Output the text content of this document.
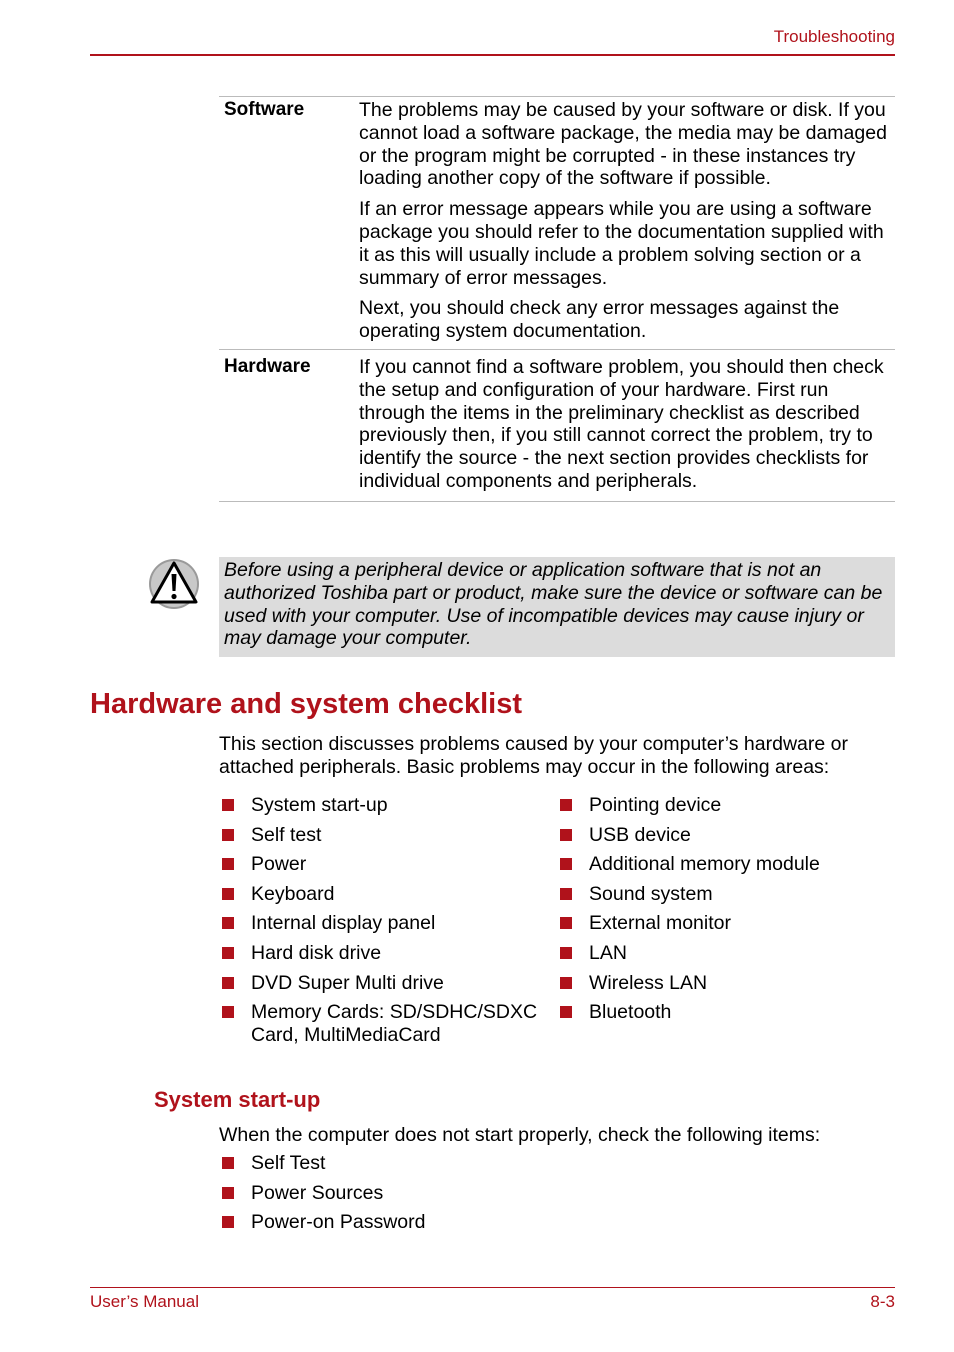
Troubleshooting
Software	The problems may be caused by your software or disk. If you cannot load a software package, the media may be damaged or the program might be corrupted - in these instances try loading another copy of the software if possible.

If an error message appears while you are using a software package you should refer to the documentation supplied with it as this will usually include a problem solving section or a summary of error messages.

Next, you should check any error messages against the operating system documentation.

Hardware	If you cannot find a software problem, you should then check the setup and configuration of your hardware. First run through the items in the preliminary checklist as described previously then, if you still cannot correct the problem, try to identify the source - the next section provides checklists for individual components and peripherals.

Before using a peripheral device or application software that is not an authorized Toshiba part or product, make sure the device or software can be used with your computer. Use of incompatible devices may cause injury or may damage your computer.
Hardware and system checklist

This section discusses problems caused by your computer’s hardware or attached peripherals. Basic problems may occur in the following areas:

System start-up
Self test
Power
Keyboard
Internal display panel
Hard disk drive
DVD Super Multi drive
Memory Cards: SD/SDHC/SDXC Card, MultiMediaCard
Pointing device
USB device
Additional memory module
Sound system
External monitor
LAN
Wireless LAN
Bluetooth
System start-up

When the computer does not start properly, check the following items:

Self Test
Power Sources
Power-on Password
User’s Manual	8-3
